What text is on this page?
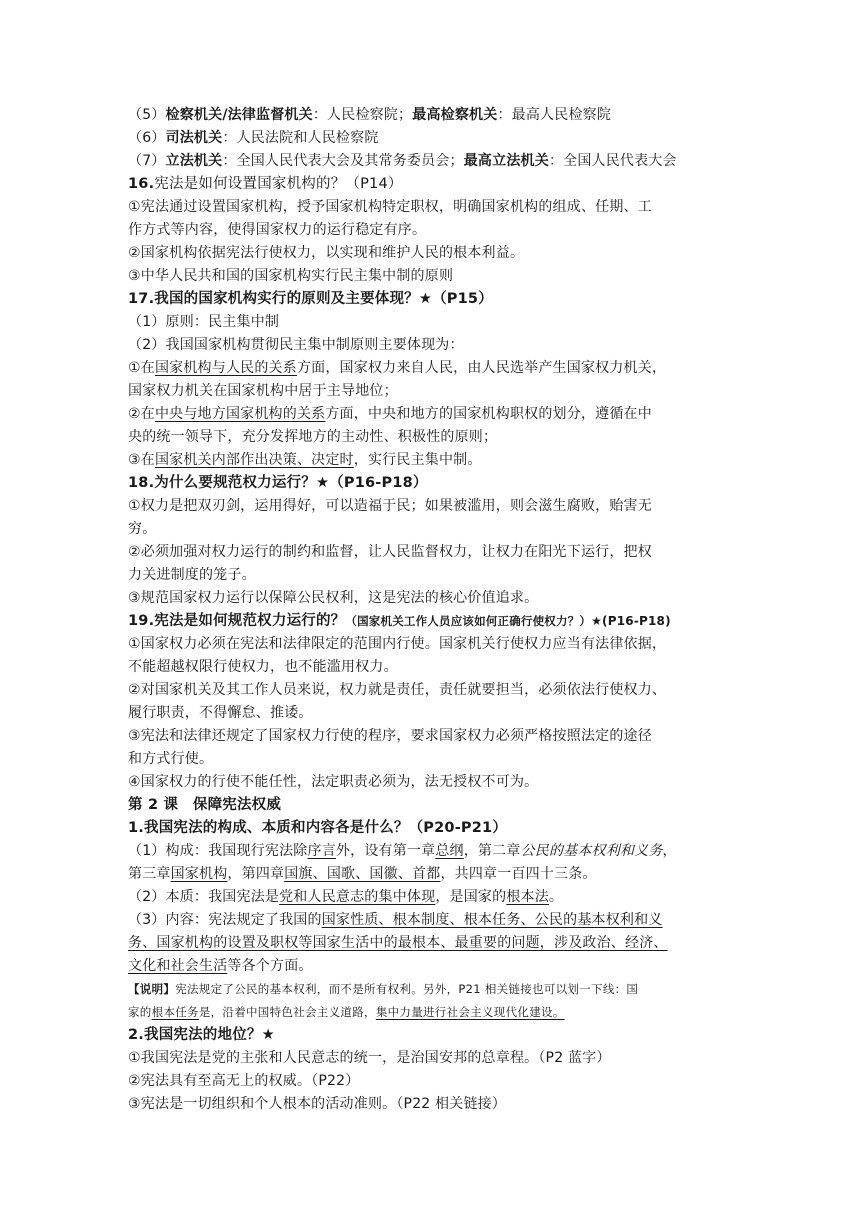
（5）检察机关/法律监督机关：人民检察院；最高检察机关：最高人民检察院
（6）司法机关：人民法院和人民检察院
（7）立法机关：全国人民代表大会及其常务委员会；最高立法机关：全国人民代表大会
16.宪法是如何设置国家机构的？（P14）
①宪法通过设置国家机构，授予国家机构特定职权，明确国家机构的组成、任期、工
作方式等内容，使得国家权力的运行稳定有序。
②国家机构依据宪法行使权力，以实现和维护人民的根本利益。
③中华人民共和国的国家机构实行民主集中制的原则
17.我国的国家机构实行的原则及主要体现？★（P15）
（1）原则：民主集中制
（2）我国国家机构贯彻民主集中制原则主要体现为：
①在国家机构与人民的关系方面，国家权力来自人民，由人民选举产生国家权力机关，
国家权力机关在国家机构中居于主导地位；
②在中央与地方国家机构的关系方面，中央和地方的国家机构职权的划分，遵循在中
央的统一领导下，充分发挥地方的主动性、积极性的原则；
③在国家机关内部作出决策、决定时，实行民主集中制。
18.为什么要规范权力运行？★（P16-P18）
①权力是把双刃剑，运用得好，可以造福于民；如果被滥用，则会滋生腐败，贻害无
穷。
②必须加强对权力运行的制约和监督，让人民监督权力，让权力在阳光下运行，把权
力关进制度的笼子。
③规范国家权力运行以保障公民权利，这是宪法的核心价值追求。
19.宪法是如何规范权力运行的？（国家机关工作人员应该如何正确行使权力？）★(P16-P18)
①国家权力必须在宪法和法律限定的范围内行使。国家机关行使权力应当有法律依据，
不能超越权限行使权力，也不能滥用权力。
②对国家机关及其工作人员来说，权力就是责任，责任就要担当，必须依法行使权力、
履行职责，不得懈怠、推诿。
③宪法和法律还规定了国家权力行使的程序，要求国家权力必须严格按照法定的途径
和方式行使。
④国家权力的行使不能任性，法定职责必须为，法无授权不可为。
第 2 课　保障宪法权威
1.我国宪法的构成、本质和内容各是什么？（P20-P21）
（1）构成：我国现行宪法除序言外，设有第一章总纲，第二章公民的基本权利和义务，
第三章国家机构，第四章国旗、国歌、国徽、首都，共四章一百四十三条。
（2）本质：我国宪法是党和人民意志的集中体现，是国家的根本法。
（3）内容：宪法规定了我国的国家性质、根本制度、根本任务、公民的基本权利和义
务、国家机构的设置及职权等国家生活中的最根本、最重要的问题，涉及政治、经济、
文化和社会生活等各个方面。
【说明】宪法规定了公民的基本权利，而不是所有权利。另外，P21 相关链接也可以划一下线：国
家的根本任务是，沿着中国特色社会主义道路，集中力量进行社会主义现代化建设。
2.我国宪法的地位？★
①我国宪法是党的主张和人民意志的统一，是治国安邦的总章程。（P2 蓝字）
②宪法具有至高无上的权威。（P22）
③宪法是一切组织和个人根本的活动准则。（P22 相关链接）
